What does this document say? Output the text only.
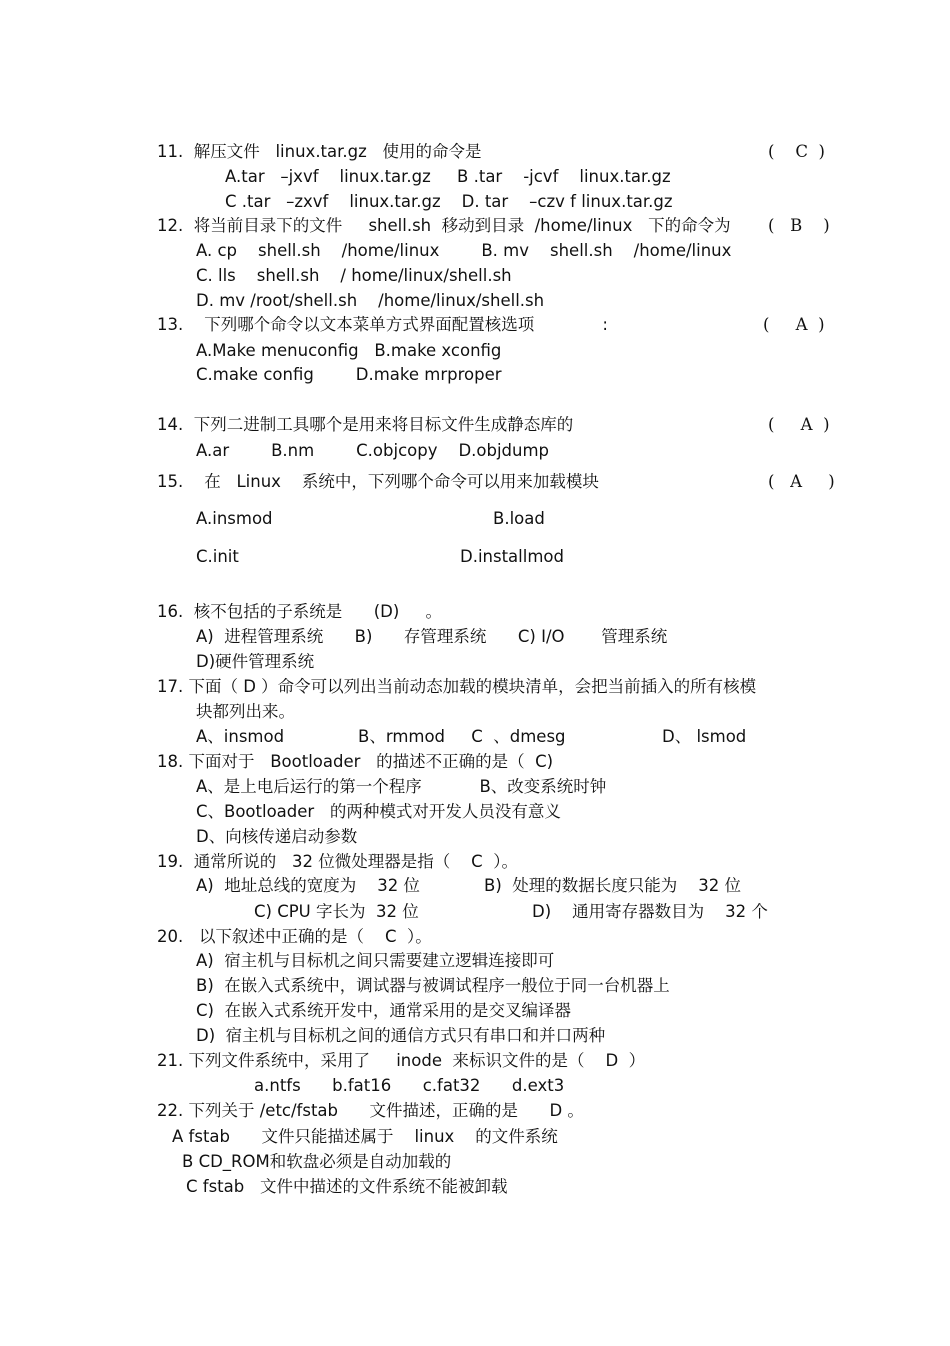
11.  解压文件   linux.tar.gz   使用的命令是	(    C  )
A.tar   –jxvf    linux.tar.gz     B .tar    -jcvf    linux.tar.gz
C .tar   –zxvf    linux.tar.gz    D. tar    –czv f linux.tar.gz
12.  将当前目录下的文件     shell.sh  移动到目录  /home/linux   下的命令为 (   B    )
A. cp    shell.sh    /home/linux        B. mv    shell.sh    /home/linux
C. lls    shell.sh    / home/linux/shell.sh
D. mv /root/shell.sh    /home/linux/shell.sh
13.    下列哪个命令以文本菜单方式界面配置核选项             :	(     A  )
A.Make menuconfig   B.make xconfig
C.make config        D.make mrproper
14.  下列二进制工具哪个是用来将目标文件生成静态库的	(     A  )
A.ar        B.nm        C.objcopy    D.objdump
15.    在   Linux    系统中，下列哪个命令可以用来加载模块	(   A     )
A.insmod	B.load
C.init	D.installmod
16.  核不包括的子系统是      (D)     。
A)  进程管理系统      B)      存管理系统      C) I/O       管理系统
D)硬件管理系统
17. 下面（ D ）命令可以列出当前动态加载的模块清单，会把当前插入的所有核模
块都列出来。
A、insmod	B、rmmod     C  、dmesg	D、 lsmod
18. 下面对于   Bootloader   的描述不正确的是（  C)
A、是上电后运行的第一个程序           B、改变系统时钟
C、Bootloader   的两种模式对开发人员没有意义
D、向核传递启动参数
19.  通常所说的   32 位微处理器是指（    C  ）。
A)  地址总线的宽度为    32 位	B)  处理的数据长度只能为    32 位
C) CPU 字长为  32 位	D)    通用寄存器数目为    32 个
20.   以下叙述中正确的是（    C  ）。
A)  宿主机与目标机之间只需要建立逻辑连接即可
B)  在嵌入式系统中，调试器与被调试程序一般位于同一台机器上
C)  在嵌入式系统开发中，通常采用的是交叉编译器
D)  宿主机与目标机之间的通信方式只有串口和并口两种
21. 下列文件系统中，采用了     inode  来标识文件的是（    D  ）
a.ntfs      b.fat16      c.fat32      d.ext3
22. 下列关于 /etc/fstab      文件描述，正确的是      D 。
A fstab      文件只能描述属于    linux    的文件系统
B CD_ROM和软盘必须是自动加载的
C fstab   文件中描述的文件系统不能被卸载
